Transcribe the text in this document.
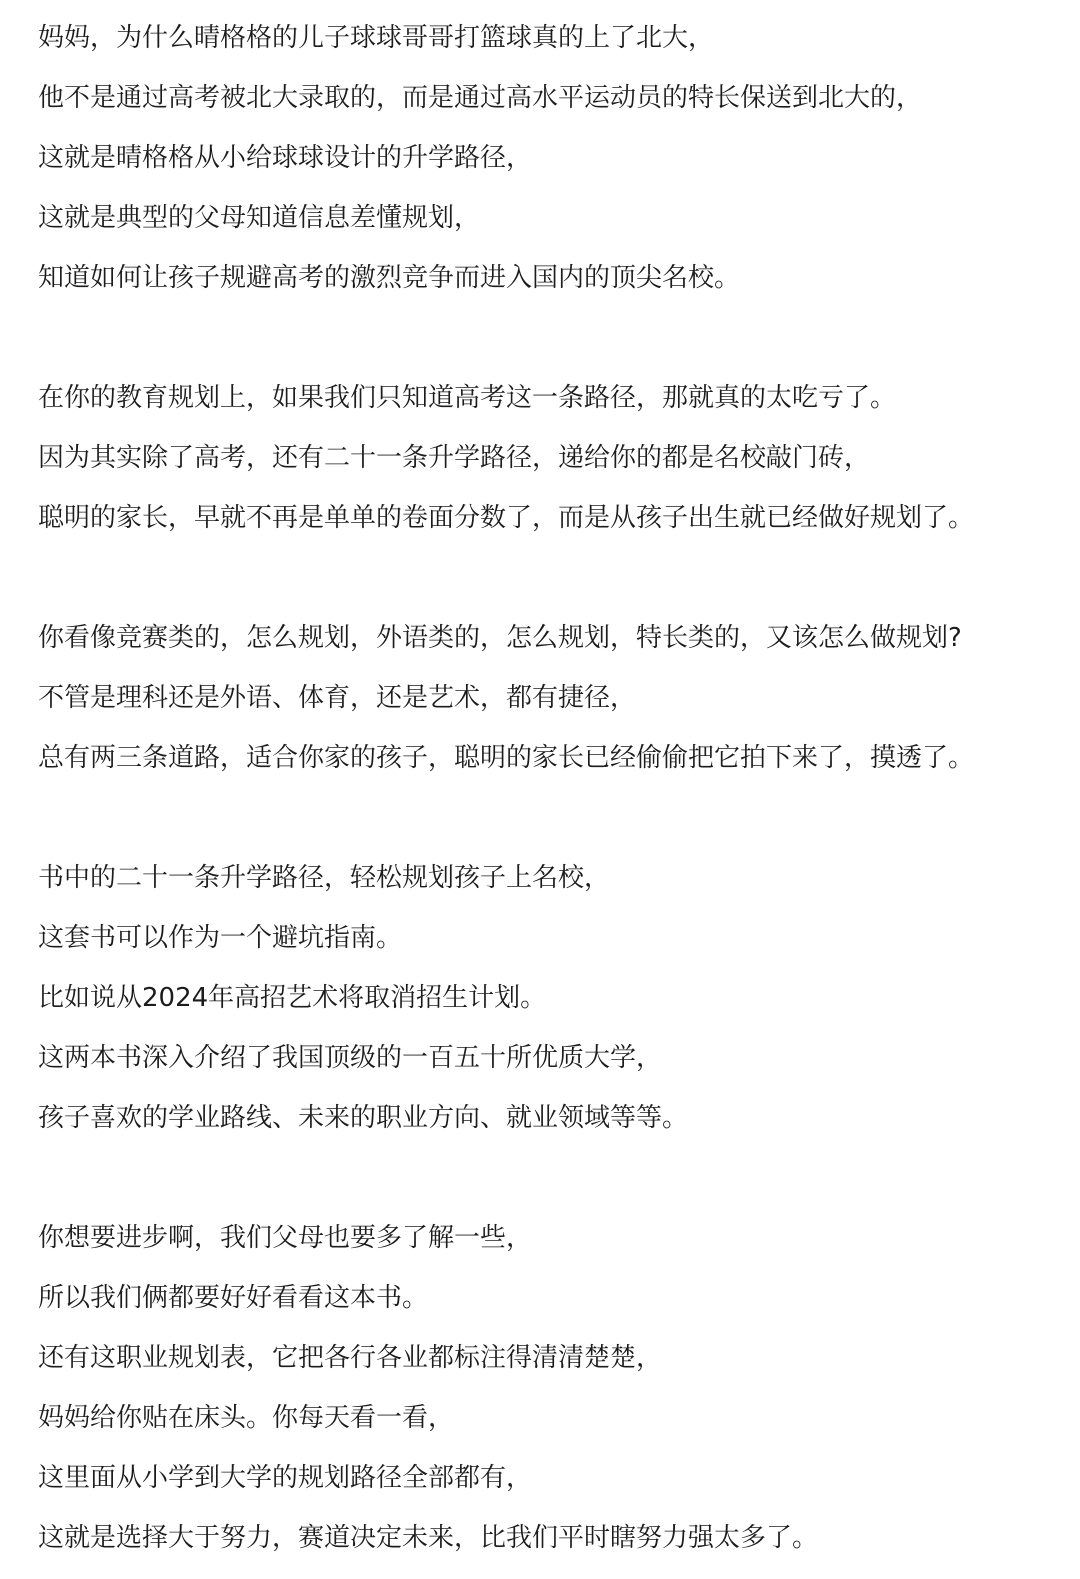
妈妈，为什么晴格格的儿子球球哥哥打篮球真的上了北大，
他不是通过高考被北大录取的，而是通过高水平运动员的特长保送到北大的，
这就是晴格格从小给球球设计的升学路径，
这就是典型的父母知道信息差懂规划，
知道如何让孩子规避高考的激烈竞争而进入国内的顶尖名校。
在你的教育规划上，如果我们只知道高考这一条路径，那就真的太吃亏了。
因为其实除了高考，还有二十一条升学路径，递给你的都是名校敲门砖，
聪明的家长，早就不再是单单的卷面分数了，而是从孩子出生就已经做好规划了。
你看像竞赛类的，怎么规划，外语类的，怎么规划，特长类的，又该怎么做规划?
不管是理科还是外语、体育，还是艺术，都有捷径，
总有两三条道路，适合你家的孩子，聪明的家长已经偷偷把它拍下来了，摸透了。
书中的二十一条升学路径，轻松规划孩子上名校，
这套书可以作为一个避坑指南。
比如说从2024年高招艺术将取消招生计划。
这两本书深入介绍了我国顶级的一百五十所优质大学，
孩子喜欢的学业路线、未来的职业方向、就业领域等等。
你想要进步啊，我们父母也要多了解一些，
所以我们俩都要好好看看这本书。
还有这职业规划表，它把各行各业都标注得清清楚楚，
妈妈给你贴在床头。你每天看一看，
这里面从小学到大学的规划路径全部都有，
这就是选择大于努力，赛道决定未来，比我们平时瞎努力强太多了。
